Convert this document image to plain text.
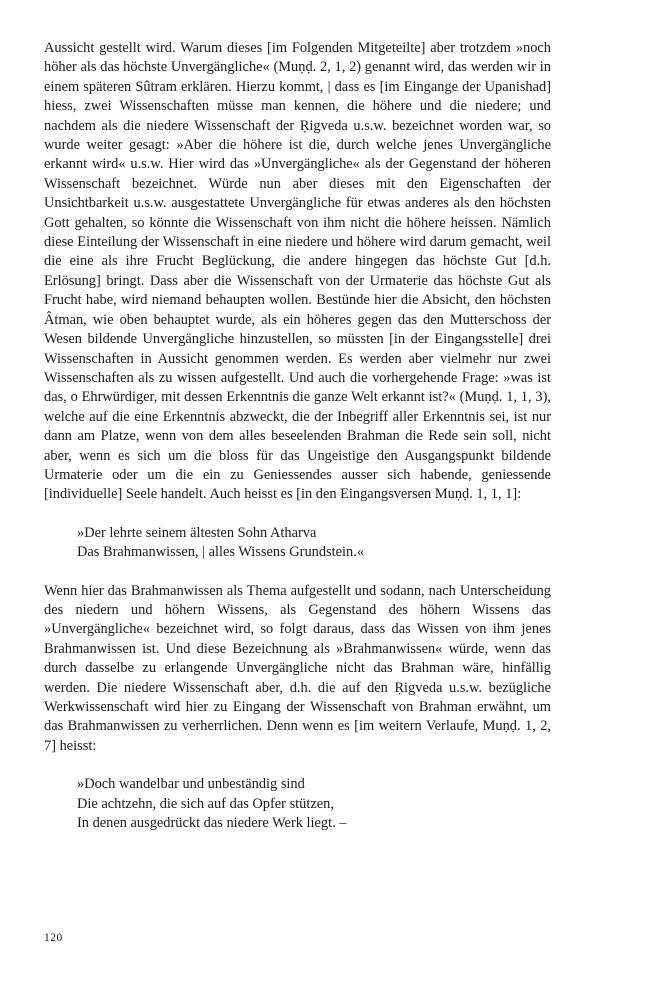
Aussicht gestellt wird. Warum dieses [im Folgenden Mitgeteilte] aber trotzdem »noch höher als das höchste Unvergängliche« (Muṇḍ. 2, 1, 2) genannt wird, das werden wir in einem späteren Sûtram erklären. Hierzu kommt, | dass es [im Eingange der Upanishad] hiess, zwei Wissenschaften müsse man kennen, die höhere und die niedere; und nachdem als die niedere Wissenschaft der Ṛigveda u.s.w. bezeichnet worden war, so wurde weiter gesagt: »Aber die höhere ist die, durch welche jenes Unvergängliche erkannt wird« u.s.w. Hier wird das »Unvergängliche« als der Gegenstand der höheren Wissenschaft bezeichnet. Würde nun aber dieses mit den Eigenschaften der Unsichtbarkeit u.s.w. ausgestattete Unvergängliche für etwas anderes als den höchsten Gott gehalten, so könnte die Wissenschaft von ihm nicht die höhere heissen. Nämlich diese Einteilung der Wissenschaft in eine niedere und höhere wird darum gemacht, weil die eine als ihre Frucht Beglückung, die andere hingegen das höchste Gut [d.h. Erlösung] bringt. Dass aber die Wissenschaft von der Urmaterie das höchste Gut als Frucht habe, wird niemand behaupten wollen. Bestünde hier die Absicht, den höchsten Âtman, wie oben behauptet wurde, als ein höheres gegen das den Mutterschoss der Wesen bildende Unvergängliche hinzustellen, so müssten [in der Eingangsstelle] drei Wissenschaften in Aussicht genommen werden. Es werden aber vielmehr nur zwei Wissenschaften als zu wissen aufgestellt. Und auch die vorhergehende Frage: »was ist das, o Ehrwürdiger, mit dessen Erkenntnis die ganze Welt erkannt ist?« (Muṇḍ. 1, 1, 3), welche auf die eine Erkenntnis abzweckt, die der Inbegriff aller Erkenntnis sei, ist nur dann am Platze, wenn von dem alles beseelenden Brahman die Rede sein soll, nicht aber, wenn es sich um die bloss für das Ungeistige den Ausgangspunkt bildende Urmaterie oder um die ein zu Geniessendes ausser sich habende, geniessende [individuelle] Seele handelt. Auch heisst es [in den Eingangsversen Muṇḍ. 1, 1, 1]:

»Der lehrte seinem ältesten Sohn Atharva
Das Brahmanwissen, | alles Wissens Grundstein.«

Wenn hier das Brahmanwissen als Thema aufgestellt und sodann, nach Unterscheidung des niedern und höhern Wissens, als Gegenstand des höhern Wissens das »Unvergängliche« bezeichnet wird, so folgt daraus, dass das Wissen von ihm jenes Brahmanwissen ist. Und diese Bezeichnung als »Brahmanwissen« würde, wenn das durch dasselbe zu erlangende Unvergängliche nicht das Brahman wäre, hinfällig werden. Die niedere Wissenschaft aber, d.h. die auf den Ṛigveda u.s.w. bezügliche Werkwissenschaft wird hier zu Eingang der Wissenschaft von Brahman erwähnt, um das Brahmanwissen zu verherrlichen. Denn wenn es [im weitern Verlaufe, Muṇḍ. 1, 2, 7] heisst:

»Doch wandelbar und unbeständig sind
Die achtzehn, die sich auf das Opfer stützen,
In denen ausgedrückt das niedere Werk liegt. –
120
